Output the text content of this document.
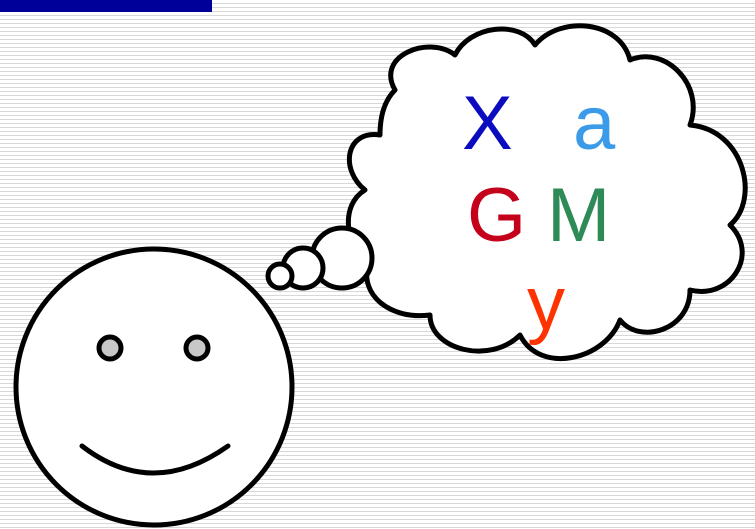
X a
G M
y
